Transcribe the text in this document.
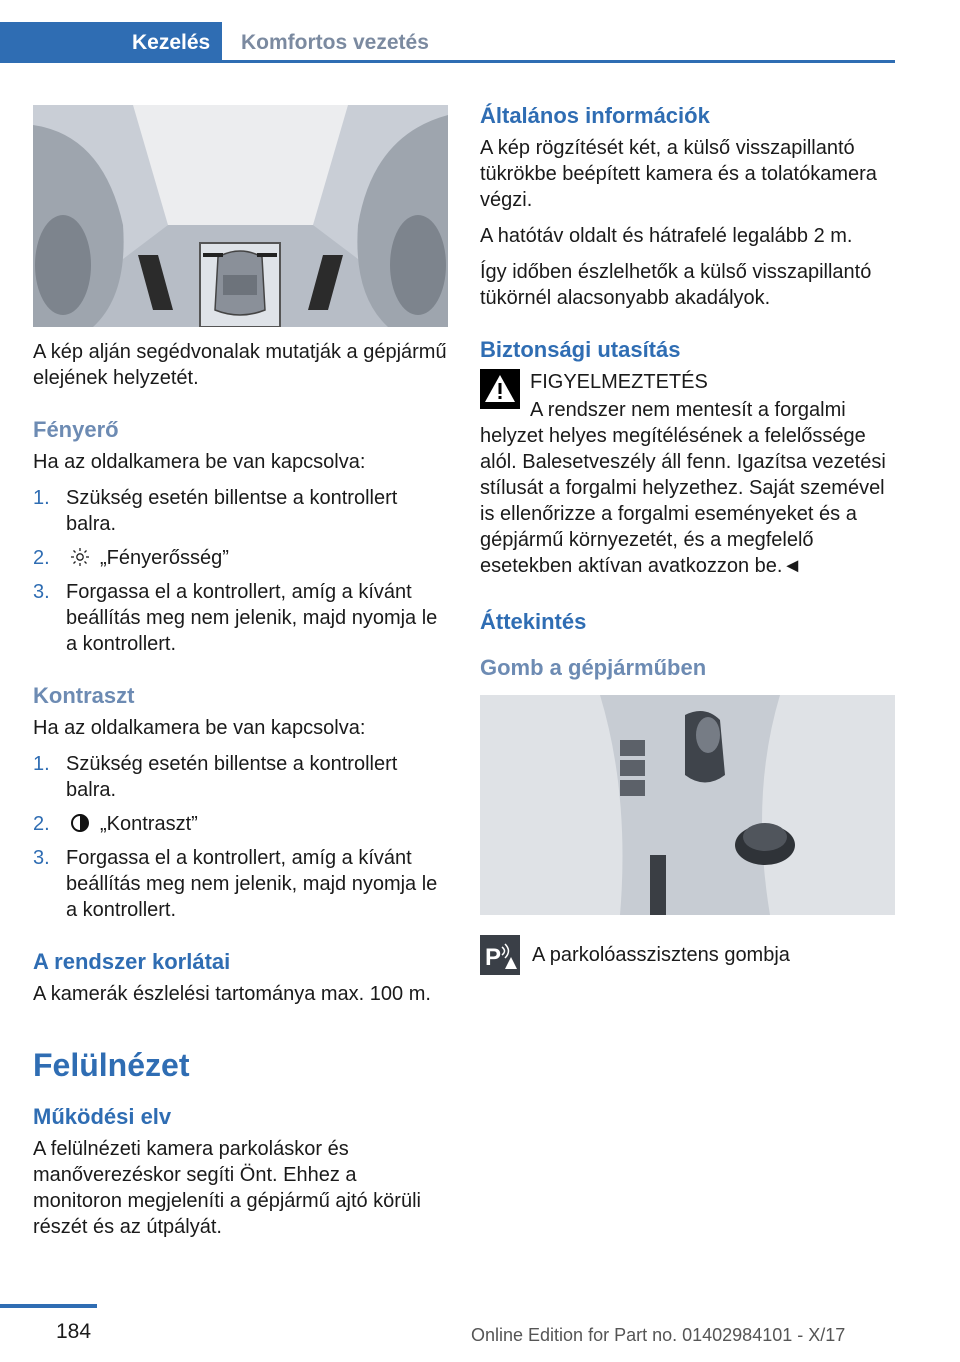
Kezelés	Komfortos vezetés

A kép alján segédvonalak mutatják a gépjármű elejének helyzetét.

Fényerő

Ha az oldalkamera be van kapcsolva:

1. Szükség esetén billentse a kontrollert balra.
2.	„Fényerősség”
3. Forgassa el a kontrollert, amíg a kívánt beállítás meg nem jelenik, majd nyomja le a kontrollert.
Kontraszt

Ha az oldalkamera be van kapcsolva:

1. Szükség esetén billentse a kontrollert balra.
2.	„Kontraszt”
3. Forgassa el a kontrollert, amíg a kívánt beállítás meg nem jelenik, majd nyomja le a kontrollert.
A rendszer korlátai

A kamerák észlelési tartománya max. 100 m.

Felülnézet
Működési elv

A felülnézeti kamera parkoláskor és manőverezéskor segíti Önt. Ehhez a monitoron megjeleníti a gépjármű ajtó körüli részét és az útpályát.

Általános információk

A kép rögzítését két, a külső visszapillantó tükrökbe beépített kamera és a tolatókamera végzi.

A hatótáv oldalt és hátrafelé legalább 2 m.

Így időben észlelhetők a külső visszapillantó tükörnél alacsonyabb akadályok.

Biztonsági utasítás
FIGYELMEZTETÉS

A rendszer nem mentesít a forgalmi helyzet helyes megítélésének a felelőssége alól. Balesetveszély áll fenn. Igazítsa vezetési stílusát a forgalmi helyzethez. Saját szemével is ellenőrizze a forgalmi eseményeket és a gépjármű környezetét, és a megfelelő esetekben aktívan avatkozzon be.◄

Áttekintés
Gomb a gépjárműben
P A parkolóasszisztens gombja
184	Online Edition for Part no. 01402984101 - X/17
